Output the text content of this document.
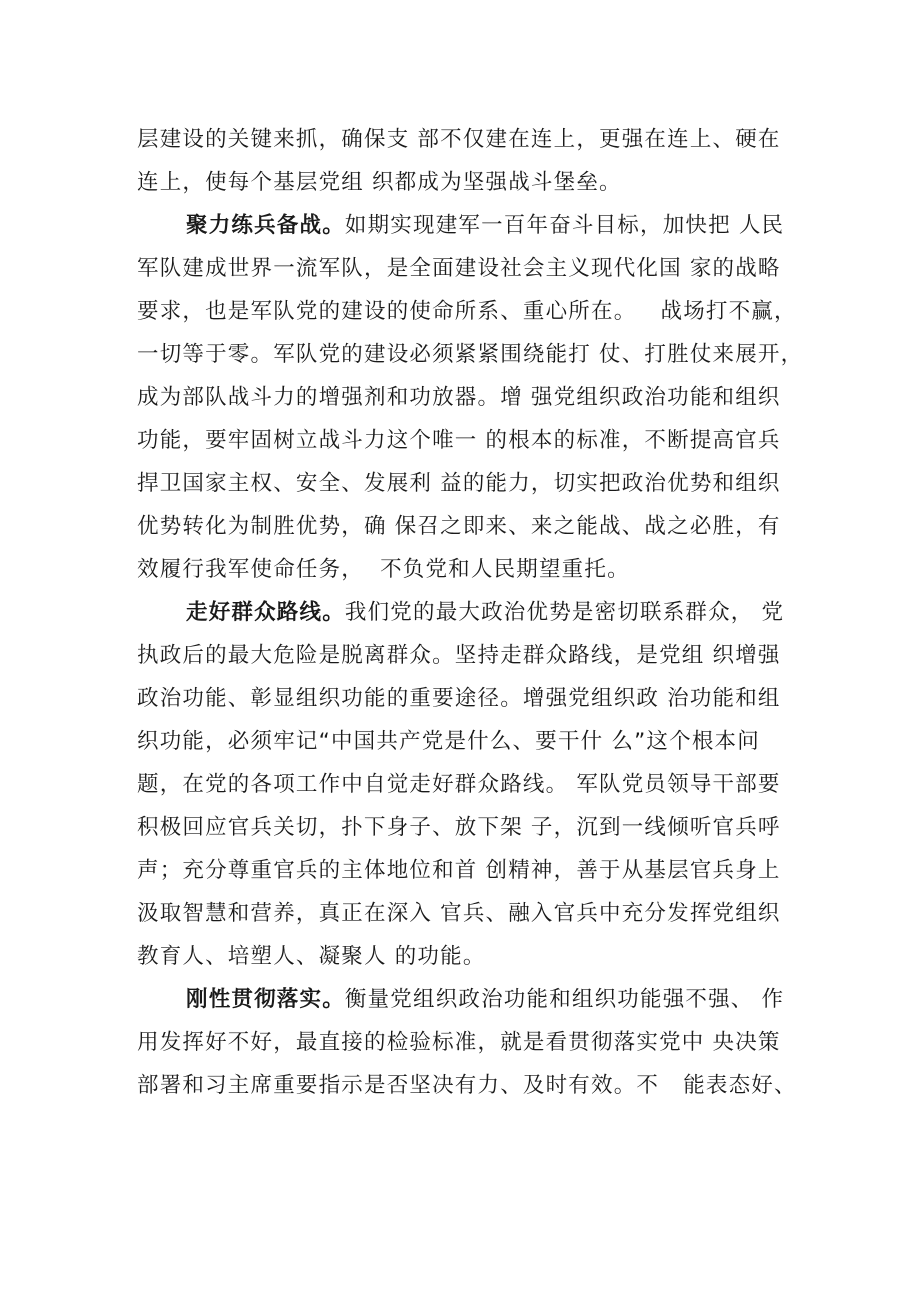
层建设的关键来抓，确保支 部不仅建在连上，更强在连上、硬在
连上，使每个基层党组 织都成为坚强战斗堡垒。
聚力练兵备战。如期实现建军一百年奋斗目标，加快把 人民
军队建成世界一流军队，是全面建设社会主义现代化国 家的战略
要求，也是军队党的建设的使命所系、重心所在。   战场打不赢，
一切等于零。军队党的建设必须紧紧围绕能打 仗、打胜仗来展开，
成为部队战斗力的增强剂和功放器。增 强党组织政治功能和组织
功能，要牢固树立战斗力这个唯一 的根本的标准，不断提高官兵
捍卫国家主权、安全、发展利 益的能力，切实把政治优势和组织
优势转化为制胜优势，确 保召之即来、来之能战、战之必胜，有
效履行我军使命任务，  不负党和人民期望重托。
走好群众路线。我们党的最大政治优势是密切联系群众， 党
执政后的最大危险是脱离群众。坚持走群众路线，是党组 织增强
政治功能、彰显组织功能的重要途径。增强党组织政 治功能和组
织功能，必须牢记“中国共产党是什么、要干什 么”这个根本问
题，在党的各项工作中自觉走好群众路线。 军队党员领导干部要
积极回应官兵关切，扑下身子、放下架 子，沉到一线倾听官兵呼
声；充分尊重官兵的主体地位和首 创精神，善于从基层官兵身上
汲取智慧和营养，真正在深入 官兵、融入官兵中充分发挥党组织
教育人、培塑人、凝聚人 的功能。
刚性贯彻落实。衡量党组织政治功能和组织功能强不强、 作
用发挥好不好，最直接的检验标准，就是看贯彻落实党中 央决策
部署和习主席重要指示是否坚决有力、及时有效。不   能表态好、
